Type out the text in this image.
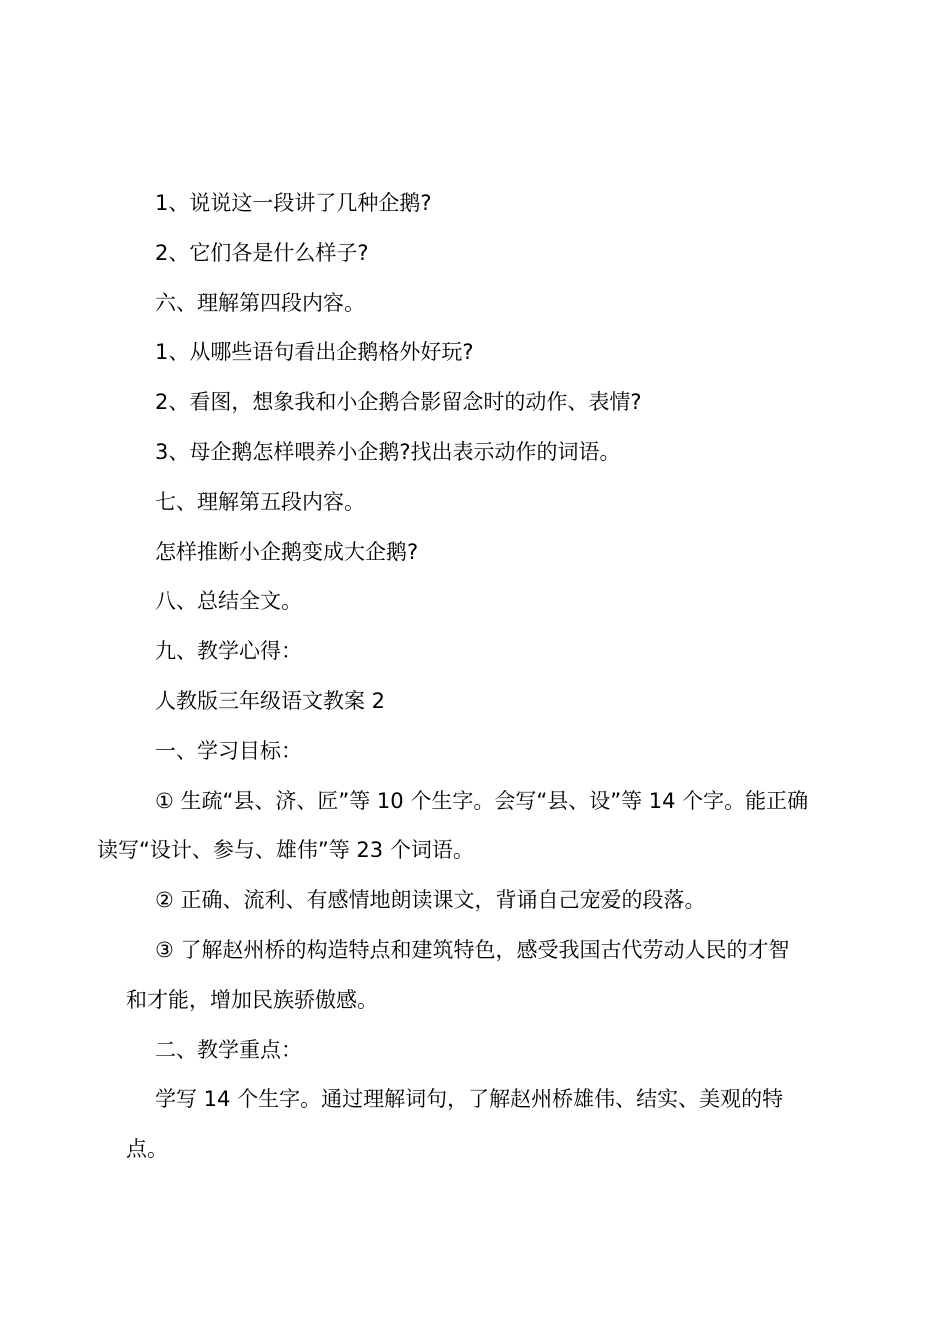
1、说说这一段讲了几种企鹅?

2、它们各是什么样子?

六、理解第四段内容。

1、从哪些语句看出企鹅格外好玩?

2、看图，想象我和小企鹅合影留念时的动作、表情?

3、母企鹅怎样喂养小企鹅?找出表示动作的词语。

七、理解第五段内容。

怎样推断小企鹅变成大企鹅?

八、总结全文。

九、教学心得：

人教版三年级语文教案 2

一、学习目标：

① 生疏“县、济、匠”等 10 个生字。会写“县、设”等 14 个字。能正确
读写“设计、参与、雄伟”等 23 个词语。

② 正确、流利、有感情地朗读课文，背诵自己宠爱的段落。

③ 了解赵州桥的构造特点和建筑特色，感受我国古代劳动人民的才智
和才能，增加民族骄傲感。

二、教学重点：

学写 14 个生字。通过理解词句，了解赵州桥雄伟、结实、美观的特
点。
